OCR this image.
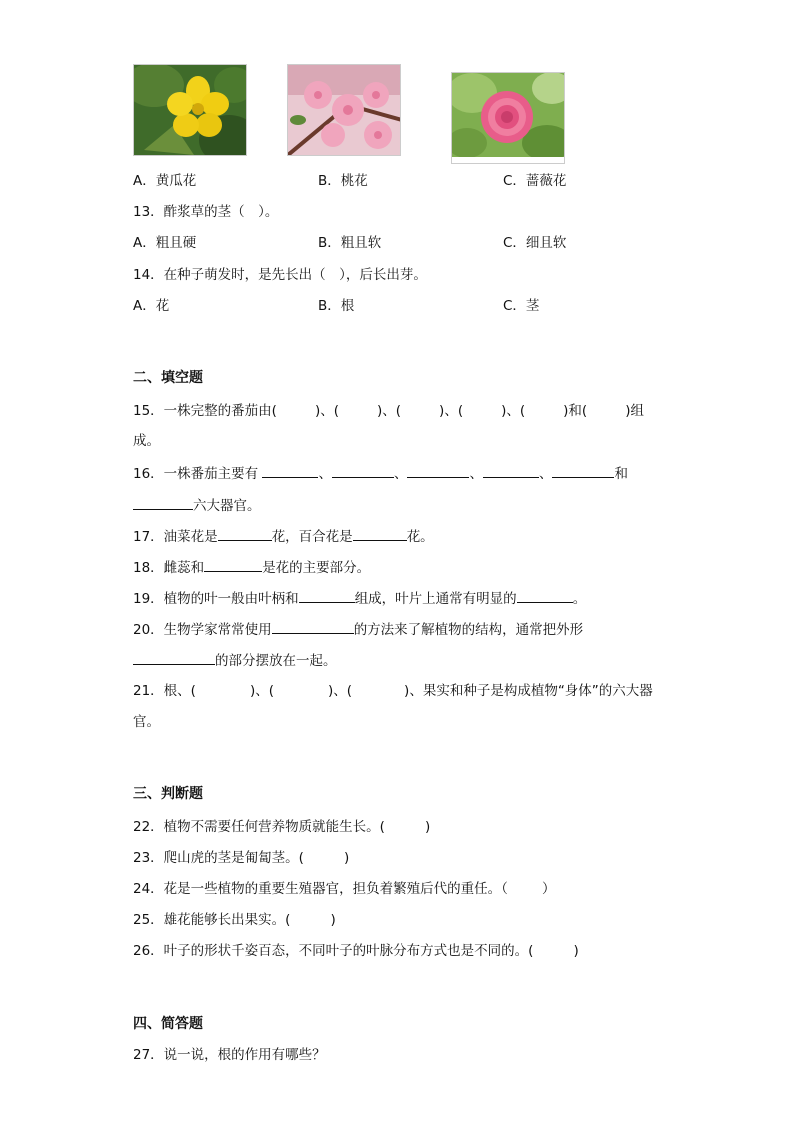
A．黄瓜花	B．桃花	C．蔷薇花
13．酢浆草的茎（　）。
A．粗且硬	B．粗且软	C．细且软
14．在种子萌发时，是先长出（　），后长出芽。
A．花	B．根	C．茎
二、填空题
15．一株完整的番茄由(	)、(	)、(	)、(	)、(	)和(	)组
成。
16．一株番茄主要有	、	、	、	、	和
六大器官。
17．油菜花是	花，百合花是	花。
18．雌蕊和	是花的主要部分。
19．植物的叶一般由叶柄和	组成，叶片上通常有明显的	。
20．生物学家常常使用	的方法来了解植物的结构，通常把外形
的部分摆放在一起。
21．根、(	)、(	)、(	)、果实和种子是构成植物“身体”的六大器
官。
三、判断题
22．植物不需要任何营养物质就能生长。(	)
23．爬山虎的茎是匍匐茎。(	)
24．花是一些植物的重要生殖器官，担负着繁殖后代的重任。（	）
25．雄花能够长出果实。(	)
26．叶子的形状千姿百态，不同叶子的叶脉分布方式也是不同的。(	)
四、简答题
27．说一说，根的作用有哪些？
